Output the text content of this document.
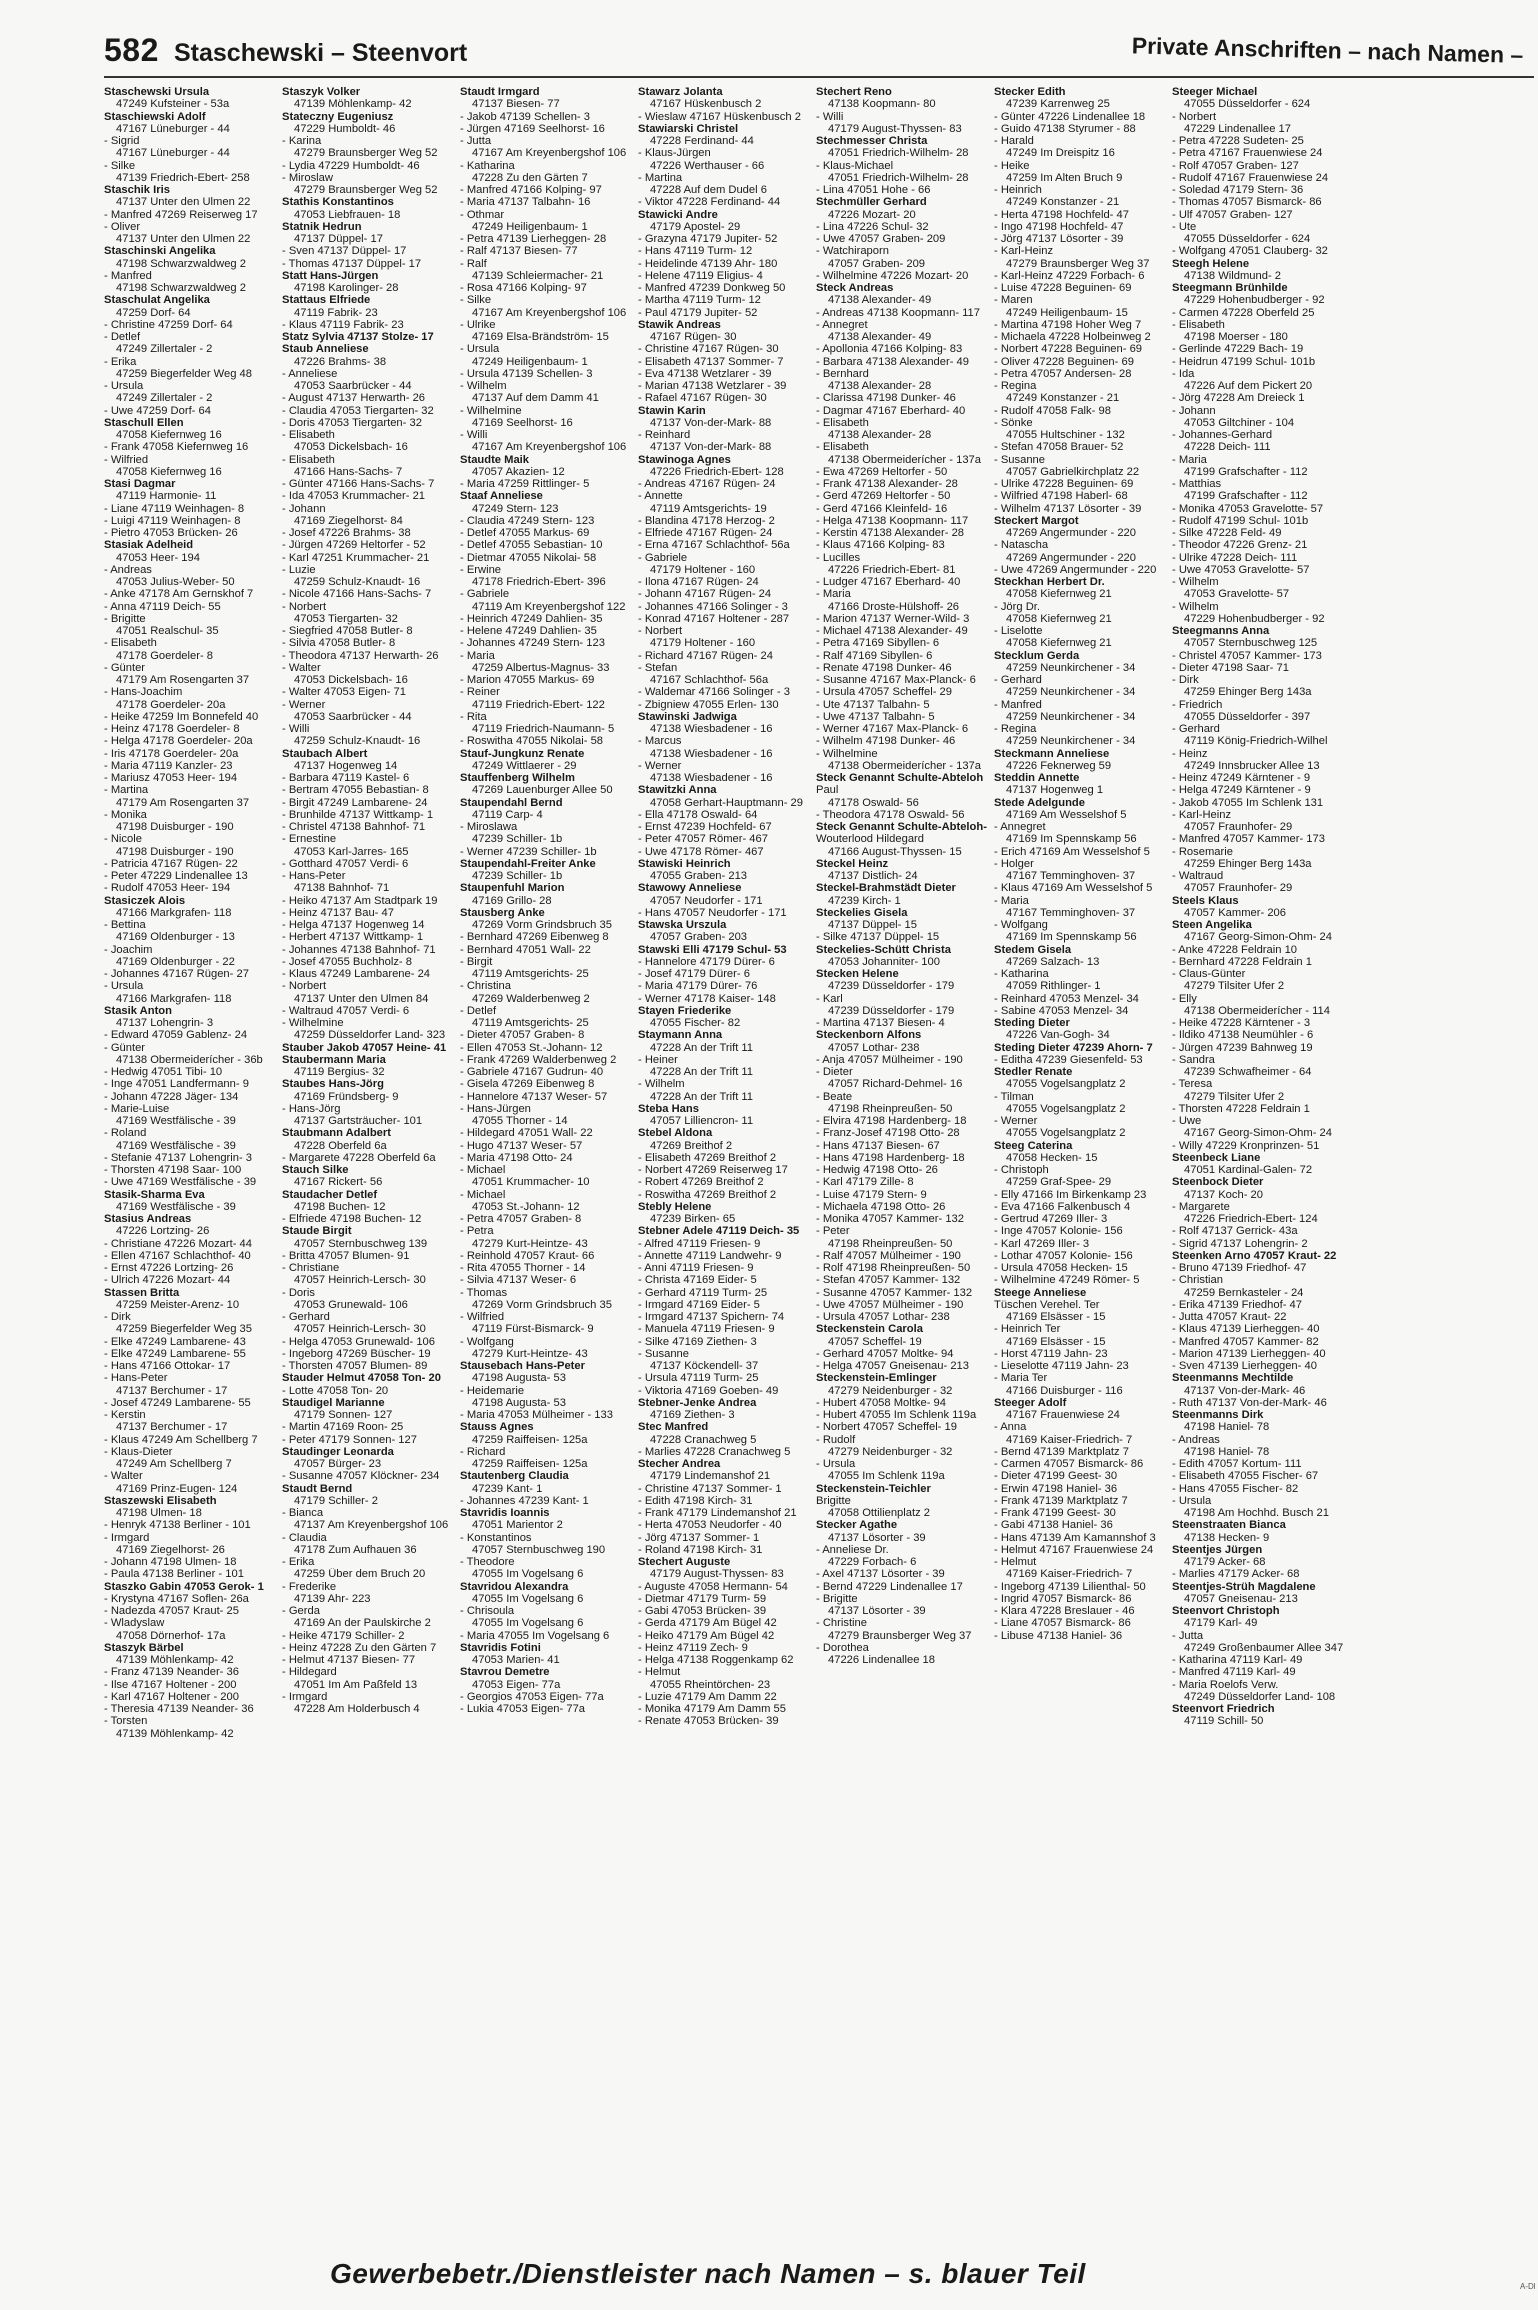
582 Staschewski – Steenvort	Private Anschriften – nach Namen –
Staschewski Ursula
47249 Kufsteiner - 53a
Staschiewski Adolf
47167 Lüneburger - 44
- Sigrid
47167 Lüneburger - 44
- Silke
47139 Friedrich-Ebert- 258
Staschik Iris
47137 Unter den Ulmen 22
- Manfred 47269 Reiserweg 17
- Oliver
47137 Unter den Ulmen 22
Staschinski Angelika
47198 Schwarzwaldweg 2
- Manfred
47198 Schwarzwaldweg 2
Staschulat Angelika
47259 Dorf- 64
- Christine 47259 Dorf- 64
- Detlef
47249 Zillertaler - 2
- Erika
47259 Biegerfelder Weg 48
- Ursula
47249 Zillertaler - 2
- Uwe 47259 Dorf- 64
Staschull Ellen
47058 Kiefernweg 16
- Frank 47058 Kiefernweg 16
- Wilfried
47058 Kiefernweg 16
Stasi Dagmar
47119 Harmonie- 11
- Liane 47119 Weinhagen- 8
- Luigi 47119 Weinhagen- 8
- Pietro 47053 Brücken- 26
Stasiak Adelheid
47053 Heer- 194
- Andreas
47053 Julius-Weber- 50
- Anke 47178 Am Gernskhof 7
- Anna 47119 Deich- 55
- Brigitte
47051 Realschul- 35
- Elisabeth
47178 Goerdeler- 8
- Günter
47179 Am Rosengarten 37
- Hans-Joachim
47178 Goerdeler- 20a
- Heike 47259 Im Bonnefeld 40
- Heinz 47178 Goerdeler- 8
- Helga 47178 Goerdeler- 20a
- Iris 47178 Goerdeler- 20a
- Maria 47119 Kanzler- 23
- Mariusz 47053 Heer- 194
- Martina
47179 Am Rosengarten 37
- Monika
47198 Duisburger - 190
- Nicole
47198 Duisburger - 190
- Patricia 47167 Rügen- 22
- Peter 47229 Lindenallee 13
- Rudolf 47053 Heer- 194
Stasiczek Alois
47166 Markgrafen- 118
- Bettina
47169 Oldenburger - 13
- Joachim
47169 Oldenburger - 22
- Johannes 47167 Rügen- 27
- Ursula
47166 Markgrafen- 118
Stasik Anton
47137 Lohengrin- 3
- Edward 47059 Gablenz- 24
- Günter
47138 Obermeiderícher - 36b
- Hedwig 47051 Tibi- 10
- Inge 47051 Landfermann- 9
- Johann 47228 Jäger- 134
- Marie-Luise
47169 Westfälische - 39
- Roland
47169 Westfälische - 39
- Stefanie 47137 Lohengrin- 3
- Thorsten 47198 Saar- 100
- Uwe 47169 Westfälische - 39
Stasik-Sharma Eva
47169 Westfälische - 39
Stasius Andreas
47226 Lortzing- 26
- Christiane 47226 Mozart- 44
- Ellen 47167 Schlachthof- 40
- Ernst 47226 Lortzing- 26
- Ulrich 47226 Mozart- 44
Stassen Britta
47259 Meister-Arenz- 10
- Dirk
47259 Biegerfelder Weg 35
- Elke 47249 Lambarene- 43
- Elke 47249 Lambarene- 55
- Hans 47166 Ottokar- 17
- Hans-Peter
47137 Berchumer - 17
- Josef 47249 Lambarene- 55
- Kerstin
47137 Berchumer - 17
- Klaus 47249 Am Schellberg 7
- Klaus-Dieter
47249 Am Schellberg 7
- Walter
47169 Prinz-Eugen- 124
Staszewski Elisabeth
47198 Ulmen- 18
- Henryk 47138 Berliner - 101
- Irmgard
47169 Ziegelhorst- 26
- Johann 47198 Ulmen- 18
- Paula 47138 Berliner - 101
Staszko Gabin 47053 Gerok- 1
- Krystyna 47167 Soflen- 26a
- Nadezda 47057 Kraut- 25
- Wladyslaw
47058 Dörnerhof- 17a
Staszyk Bärbel
47139 Möhlenkamp- 42
- Franz 47139 Neander- 36
- Ilse 47167 Holtener - 200
- Karl 47167 Holtener - 200
- Theresia 47139 Neander- 36
- Torsten
47139 Möhlenkamp- 42
Staszyk Volker
47139 Möhlenkamp- 42
Stateczny Eugeniusz
47229 Humboldt- 46
- Karina
47279 Braunsberger Weg 52
- Lydia 47229 Humboldt- 46
- Miroslaw
47279 Braunsberger Weg 52
Stathis Konstantinos
47053 Liebfrauen- 18
Statnik Hedrun
47137 Düppel- 17
- Sven 47137 Düppel- 17
- Thomas 47137 Düppel- 17
Statt Hans-Jürgen
47198 Karolinger- 28
Stattaus Elfriede
47119 Fabrik- 23
- Klaus 47119 Fabrik- 23
Statz Sylvia 47137 Stolze- 17
Staub Anneliese
47226 Brahms- 38
- Anneliese
47053 Saarbrücker - 44
- August 47137 Herwarth- 26
- Claudia 47053 Tiergarten- 32
- Doris 47053 Tiergarten- 32
- Elisabeth
47053 Dickelsbach- 16
- Elisabeth
47166 Hans-Sachs- 7
- Günter 47166 Hans-Sachs- 7
- Ida 47053 Krummacher- 21
- Johann
47169 Ziegelhorst- 84
- Josef 47226 Brahms- 38
- Jürgen 47269 Heltorfer - 52
- Karl 47251 Krummacher- 21
- Luzie
47259 Schulz-Knaudt- 16
- Nicole 47166 Hans-Sachs- 7
- Norbert
47053 Tiergarten- 32
- Siegfried 47058 Butler- 8
- Silvia 47058 Butler- 8
- Theodora 47137 Herwarth- 26
- Walter
47053 Dickelsbach- 16
- Walter 47053 Eigen- 71
- Werner
47053 Saarbrücker - 44
- Willi
47259 Schulz-Knaudt- 16
Staubach Albert
47137 Hogenweg 14
- Barbara 47119 Kastel- 6
- Bertram 47055 Bebastian- 8
- Birgit 47249 Lambarene- 24
- Brunhilde 47137 Wittkamp- 1
- Christel 47138 Bahnhof- 71
- Ernestine
47053 Karl-Jarres- 165
- Gotthard 47057 Verdi- 6
- Hans-Peter
47138 Bahnhof- 71
- Heiko 47137 Am Stadtpark 19
- Heinz 47137 Bau- 47
- Helga 47137 Hogenweg 14
- Herbert 47137 Wittkamp- 1
- Johannes 47138 Bahnhof- 71
- Josef 47055 Buchholz- 8
- Klaus 47249 Lambarene- 24
- Norbert
47137 Unter den Ulmen 84
- Waltraud 47057 Verdi- 6
- Wilhelmine
47259 Düsseldorfer Land- 323
Stauber Jakob 47057 Heine- 41
Staubermann Maria
47119 Bergius- 32
Staubes Hans-Jörg
47169 Fründsberg- 9
- Hans-Jörg
47137 Gartsträucher- 101
Staubmann Adalbert
47228 Oberfeld 6a
- Margarete 47228 Oberfeld 6a
Stauch Silke
47167 Rickert- 56
Staudacher Detlef
47198 Buchen- 12
- Elfriede 47198 Buchen- 12
Staude Birgit
47057 Sternbuschweg 139
- Britta 47057 Blumen- 91
- Christiane
47057 Heinrich-Lersch- 30
- Doris
47053 Grunewald- 106
- Gerhard
47057 Heinrich-Lersch- 30
- Helga 47053 Grunewald- 106
- Ingeborg 47269 Büscher- 19
- Thorsten 47057 Blumen- 89
Stauder Helmut 47058 Ton- 20
- Lotte 47058 Ton- 20
Staudigel Marianne
47179 Sonnen- 127
- Martin 47169 Roon- 25
- Peter 47179 Sonnen- 127
Staudinger Leonarda
47057 Bürger- 23
- Susanne 47057 Klöckner- 234
Staudt Bernd
47179 Schiller- 2
- Bianca
47137 Am Kreyenbergshof 106
- Claudia
47178 Zum Aufhauen 36
- Erika
47259 Über dem Bruch 20
- Frederike
47139 Ahr- 223
- Gerda
47169 An der Paulskirche 2
- Heike 47179 Schiller- 2
- Heinz 47228 Zu den Gärten 7
- Helmut 47137 Biesen- 77
- Hildegard
47051 Im Am Paßfeld 13
- Irmgard
47228 Am Holderbusch 4
Staudt Irmgard
47137 Biesen- 77
- Jakob 47139 Schellen- 3
- Jürgen 47169 Seelhorst- 16
- Jutta
47167 Am Kreyenbergshof 106
- Katharina
47228 Zu den Gärten 7
- Manfred 47166 Kolping- 97
- Maria 47137 Talbahn- 16
- Othmar
47249 Heiligenbaum- 1
- Petra 47139 Lierheggen- 28
- Ralf 47137 Biesen- 77
- Ralf
47139 Schleiermacher- 21
- Rosa 47166 Kolping- 97
- Silke
47167 Am Kreyenbergshof 106
- Ulrike
47169 Elsa-Brändström- 15
- Ursula
47249 Heiligenbaum- 1
- Ursula 47139 Schellen- 3
- Wilhelm
47137 Auf dem Damm 41
- Wilhelmine
47169 Seelhorst- 16
- Willi
47167 Am Kreyenbergshof 106
Staudte Maik
47057 Akazien- 12
- Maria 47259 Rittlinger- 5
Staaf Anneliese
47249 Stern- 123
- Claudia 47249 Stern- 123
- Detlef 47055 Markus- 69
- Detlef 47055 Sebastian- 10
- Dietmar 47055 Nikolai- 58
- Erwine
47178 Friedrich-Ebert- 396
- Gabriele
47119 Am Kreyenbergshof 122
- Heinrich 47249 Dahlien- 35
- Helene 47249 Dahlien- 35
- Johannes 47249 Stern- 123
- Maria
47259 Albertus-Magnus- 33
- Marion 47055 Markus- 69
- Reiner
47119 Friedrich-Ebert- 122
- Rita
47119 Friedrich-Naumann- 5
- Roswitha 47055 Nikolai- 58
Stauf-Jungkunz Renate
47249 Wittlaerer - 29
Stauffenberg Wilhelm
47269 Lauenburger Allee 50
Staupendahl Bernd
47119 Carp- 4
- Miroslawa
47239 Schiller- 1b
- Werner 47239 Schiller- 1b
Staupendahl-Freiter Anke
47239 Schiller- 1b
Staupenfuhl Marion
47169 Grillo- 28
Stausberg Anke
47269 Vorm Grindsbruch 35
- Bernhard 47269 Eibenweg 8
- Bernhard 47051 Wall- 22
- Birgit
47119 Amtsgerichts- 25
- Christina
47269 Walderbenweg 2
- Detlef
47119 Amtsgerichts- 25
- Dieter 47057 Graben- 8
- Ellen 47053 St.-Johann- 12
- Frank 47269 Walderbenweg 2
- Gabriele 47167 Gudrun- 40
- Gisela 47269 Eibenweg 8
- Hannelore 47137 Weser- 57
- Hans-Jürgen
47055 Thorner - 14
- Hildegard 47051 Wall- 22
- Hugo 47137 Weser- 57
- Maria 47198 Otto- 24
- Michael
47051 Krummacher- 10
- Michael
47053 St.-Johann- 12
- Petra 47057 Graben- 8
- Petra
47279 Kurt-Heintze- 43
- Reinhold 47057 Kraut- 66
- Rita 47055 Thorner - 14
- Silvia 47137 Weser- 6
- Thomas
47269 Vorm Grindsbruch 35
- Wilfried
47119 Fürst-Bismarck- 9
- Wolfgang
47279 Kurt-Heintze- 43
Stausebach Hans-Peter
47198 Augusta- 53
- Heidemarie
47198 Augusta- 53
- Maria 47053 Mülheimer - 133
Stauss Agnes
47259 Raiffeisen- 125a
- Richard
47259 Raiffeisen- 125a
Stautenberg Claudia
47239 Kant- 1
- Johannes 47239 Kant- 1
Stavridis Ioannis
47051 Marientor 2
- Konstantinos
47057 Sternbuschweg 190
- Theodore
47055 Im Vogelsang 6
Stavridou Alexandra
47055 Im Vogelsang 6
- Chrisoula
47055 Im Vogelsang 6
- Maria 47055 Im Vogelsang 6
Stavridis Fotini
47053 Marien- 41
Stavrou Demetre
47053 Eigen- 77a
- Georgios 47053 Eigen- 77a
- Lukia 47053 Eigen- 77a
Stawarz Jolanta
47167 Hüskenbusch 2
- Wieslaw 47167 Hüskenbusch 2
Stawiarski Christel
47228 Ferdinand- 44
- Klaus-Jürgen
47226 Werthauser - 66
- Martina
47228 Auf dem Dudel 6
- Viktor 47228 Ferdinand- 44
Stawicki Andre
47179 Apostel- 29
- Grazyna 47179 Jupiter- 52
- Hans 47119 Turm- 12
- Heidelinde 47139 Ahr- 180
- Helene 47119 Eligius- 4
- Manfred 47239 Donkweg 50
- Martha 47119 Turm- 12
- Paul 47179 Jupiter- 52
Stawik Andreas
47167 Rügen- 30
- Christine 47167 Rügen- 30
- Elisabeth 47137 Sommer- 7
- Eva 47138 Wetzlarer - 39
- Marian 47138 Wetzlarer - 39
- Rafael 47167 Rügen- 30
Stawin Karin
47137 Von-der-Mark- 88
- Reinhard
47137 Von-der-Mark- 88
Stawinoga Agnes
47226 Friedrich-Ebert- 128
- Andreas 47167 Rügen- 24
- Annette
47119 Amtsgerichts- 19
- Blandina 47178 Herzog- 2
- Elfriede 47167 Rügen- 24
- Erna 47167 Schlachthof- 56a
- Gabriele
47179 Holtener - 160
- Ilona 47167 Rügen- 24
- Johann 47167 Rügen- 24
- Johannes 47166 Solinger - 3
- Konrad 47167 Holtener - 287
- Norbert
47179 Holtener - 160
- Richard 47167 Rügen- 24
- Stefan
47167 Schlachthof- 56a
- Waldemar 47166 Solinger - 3
- Zbigniew 47055 Erlen- 130
Stawinski Jadwiga
47138 Wiesbadener - 16
- Marcus
47138 Wiesbadener - 16
- Werner
47138 Wiesbadener - 16
Stawitzki Anna
47058 Gerhart-Hauptmann- 29
- Ella 47178 Oswald- 64
- Ernst 47239 Hochfeld- 67
- Peter 47057 Römer- 467
- Uwe 47178 Römer- 467
Stawiski Heinrich
47055 Graben- 213
Stawowy Anneliese
47057 Neudorfer - 171
- Hans 47057 Neudorfer - 171
Stawska Urszula
47057 Graben- 203
Stawski Elli 47179 Schul- 53
- Hannelore 47179 Dürer- 6
- Josef 47179 Dürer- 6
- Maria 47179 Dürer- 76
- Werner 47178 Kaiser- 148
Stayen Friederike
47055 Fischer- 82
Staymann Anna
47228 An der Trift 11
- Heiner
47228 An der Trift 11
- Wilhelm
47228 An der Trift 11
Steba Hans
47057 Lilliencron- 11
Stebel Aldona
47269 Breithof 2
- Elisabeth 47269 Breithof 2
- Norbert 47269 Reiserweg 17
- Robert 47269 Breithof 2
- Roswitha 47269 Breithof 2
Stebly Helene
47239 Birken- 65
Stebner Adele 47119 Deich- 35
- Alfred 47119 Friesen- 9
- Annette 47119 Landwehr- 9
- Anni 47119 Friesen- 9
- Christa 47169 Eider- 5
- Gerhard 47119 Turm- 25
- Irmgard 47169 Eider- 5
- Irmgard 47137 Spichern- 74
- Manuela 47119 Friesen- 9
- Silke 47169 Ziethen- 3
- Susanne
47137 Köckendell- 37
- Ursula 47119 Turm- 25
- Viktoria 47169 Goeben- 49
Stebner-Jenke Andrea
47169 Ziethen- 3
Stec Manfred
47228 Cranachweg 5
- Marlies 47228 Cranachweg 5
Stecher Andrea
47179 Lindemanshof 21
- Christine 47137 Sommer- 1
- Edith 47198 Kirch- 31
- Frank 47179 Lindemanshof 21
- Herta 47053 Neudorfer - 40
- Jörg 47137 Sommer- 1
- Roland 47198 Kirch- 31
Stechert Auguste
47179 August-Thyssen- 83
- Auguste 47058 Hermann- 54
- Dietmar 47179 Turm- 59
- Gabi 47053 Brücken- 39
- Gerda 47179 Am Bügel 42
- Heiko 47179 Am Bügel 42
- Heinz 47119 Zech- 9
- Helga 47138 Roggenkamp 62
- Helmut
47055 Rheintörchen- 23
- Luzie 47179 Am Damm 22
- Monika 47179 Am Damm 55
- Renate 47053 Brücken- 39
Stechert Reno
47138 Koopmann- 80
- Willi
47179 August-Thyssen- 83
Stechmesser Christa
47051 Friedrich-Wilhelm- 28
- Klaus-Michael
47051 Friedrich-Wilhelm- 28
- Lina 47051 Hohe - 66
Stechmüller Gerhard
47226 Mozart- 20
- Lina 47226 Schul- 32
- Uwe 47057 Graben- 209
- Watchiraporn
47057 Graben- 209
- Wilhelmine 47226 Mozart- 20
Steck Andreas
47138 Alexander- 49
- Andreas 47138 Koopmann- 117
- Annegret
47138 Alexander- 49
- Apollonia 47166 Kolping- 83
- Barbara 47138 Alexander- 49
- Bernhard
47138 Alexander- 28
- Clarissa 47198 Dunker- 46
- Dagmar 47167 Eberhard- 40
- Elisabeth
47138 Alexander- 28
- Elisabeth
47138 Obermeiderícher - 137a
- Ewa 47269 Heltorfer - 50
- Frank 47138 Alexander- 28
- Gerd 47269 Heltorfer - 50
- Gerd 47166 Kleinfeld- 16
- Helga 47138 Koopmann- 117
- Kerstin 47138 Alexander- 28
- Klaus 47166 Kolping- 83
- Lucilles
47226 Friedrich-Ebert- 81
- Ludger 47167 Eberhard- 40
- Maria
47166 Droste-Hülshoff- 26
- Marion 47137 Werner-Wild- 3
- Michael 47138 Alexander- 49
- Petra 47169 Sibyllen- 6
- Ralf 47169 Sibyllen- 6
- Renate 47198 Dunker- 46
- Susanne 47167 Max-Planck- 6
- Ursula 47057 Scheffel- 29
- Ute 47137 Talbahn- 5
- Uwe 47137 Talbahn- 5
- Werner 47167 Max-Planck- 6
- Wilhelm 47198 Dunker- 46
- Wilhelmine
47138 Obermeiderícher - 137a
Steck Genannt Schulte-Abteloh
Paul
47178 Oswald- 56
- Theodora 47178 Oswald- 56
Steck Genannt Schulte-Abteloh-
Wouterlood Hildegard
47166 August-Thyssen- 15
Steckel Heinz
47137 Distlich- 24
Steckel-Brahmstädt Dieter
47239 Kirch- 1
Steckelies Gisela
47137 Düppel- 15
- Silke 47137 Düppel- 15
Steckelies-Schütt Christa
47053 Johanniter- 100
Stecken Helene
47239 Düsseldorfer - 179
- Karl
47239 Düsseldorfer - 179
- Martina 47137 Biesen- 4
Steckenborn Alfons
47057 Lothar- 238
- Anja 47057 Mülheimer - 190
- Dieter
47057 Richard-Dehmel- 16
- Beate
47198 Rheinpreußen- 50
- Elvira 47198 Hardenberg- 18
- Franz-Josef 47198 Otto- 28
- Hans 47137 Biesen- 67
- Hans 47198 Hardenberg- 18
- Hedwig 47198 Otto- 26
- Karl 47179 Zille- 8
- Luise 47179 Stern- 9
- Michaela 47198 Otto- 26
- Monika 47057 Kammer- 132
- Peter
47198 Rheinpreußen- 50
- Ralf 47057 Mülheimer - 190
- Rolf 47198 Rheinpreußen- 50
- Stefan 47057 Kammer- 132
- Susanne 47057 Kammer- 132
- Uwe 47057 Mülheimer - 190
- Ursula 47057 Lothar- 238
Steckenstein Carola
47057 Scheffel- 19
- Gerhard 47057 Moltke- 94
- Helga 47057 Gneisenau- 213
Steckenstein-Emlinger
47279 Neidenburger - 32
- Hubert 47058 Moltke- 94
- Hubert 47055 Im Schlenk 119a
- Norbert 47057 Scheffel- 19
- Rudolf
47279 Neidenburger - 32
- Ursula
47055 Im Schlenk 119a
Steckenstein-Teichler
Brigitte
47058 Ottilienplatz 2
Stecker Agathe
47137 Lösorter - 39
- Anneliese Dr.
47229 Forbach- 6
- Axel 47137 Lösorter - 39
- Bernd 47229 Lindenallee 17
- Brigitte
47137 Lösorter - 39
- Christine
47279 Braunsberger Weg 37
- Dorothea
47226 Lindenallee 18
Stecker Edith
47239 Karrenweg 25
- Günter 47226 Lindenallee 18
- Guido 47138 Styrumer - 88
- Harald
47249 Im Dreispitz 16
- Heike
47259 Im Alten Bruch 9
- Heinrich
47249 Konstanzer - 21
- Herta 47198 Hochfeld- 47
- Ingo 47198 Hochfeld- 47
- Jörg 47137 Lösorter - 39
- Karl-Heinz
47279 Braunsberger Weg 37
- Karl-Heinz 47229 Forbach- 6
- Luise 47228 Beguinen- 69
- Maren
47249 Heiligenbaum- 15
- Martina 47198 Hoher Weg 7
- Michaela 47228 Holbeinweg 2
- Norbert 47228 Beguinen- 69
- Oliver 47228 Beguinen- 69
- Petra 47057 Andersen- 28
- Regina
47249 Konstanzer - 21
- Rudolf 47058 Falk- 98
- Sönke
47055 Hultschiner - 132
- Stefan 47058 Brauer- 52
- Susanne
47057 Gabrielkirchplatz 22
- Ulrike 47228 Beguinen- 69
- Wilfried 47198 Haberl- 68
- Wilhelm 47137 Lösorter - 39
Steckert Margot
47269 Angermunder - 220
- Natascha
47269 Angermunder - 220
- Uwe 47269 Angermunder - 220
Steckhan Herbert Dr.
47058 Kiefernweg 21
- Jörg Dr.
47058 Kiefernweg 21
- Liselotte
47058 Kiefernweg 21
Stecklum Gerda
47259 Neunkirchener - 34
- Gerhard
47259 Neunkirchener - 34
- Manfred
47259 Neunkirchener - 34
- Regina
47259 Neunkirchener - 34
Steckmann Anneliese
47226 Feknerweg 59
Steddin Annette
47137 Hogenweg 1
Stede Adelgunde
47169 Am Wesselshof 5
- Annegret
47169 Im Spennskamp 56
- Erich 47169 Am Wesselshof 5
- Holger
47167 Temminghoven- 37
- Klaus 47169 Am Wesselshof 5
- Maria
47167 Temminghoven- 37
- Wolfgang
47169 Im Spennskamp 56
Stedem Gisela
47269 Salzach- 13
- Katharina
47059 Rithlinger- 1
- Reinhard 47053 Menzel- 34
- Sabine 47053 Menzel- 34
Steding Dieter
47226 Van-Gogh- 34
Steding Dieter 47239 Ahorn- 7
- Editha 47239 Giesenfeld- 53
Stedler Renate
47055 Vogelsangplatz 2
- Tilman
47055 Vogelsangplatz 2
- Werner
47055 Vogelsangplatz 2
Steeg Caterina
47058 Hecken- 15
- Christoph
47259 Graf-Spee- 29
- Elly 47166 Im Birkenkamp 23
- Eva 47166 Falkenbusch 4
- Gertrud 47269 Iller- 3
- Inge 47057 Kolonie- 156
- Karl 47269 Iller- 3
- Lothar 47057 Kolonie- 156
- Ursula 47058 Hecken- 15
- Wilhelmine 47249 Römer- 5
Steege Anneliese
Tüschen Verehel. Ter
47169 Elsässer - 15
- Heinrich Ter
47169 Elsässer - 15
- Horst 47119 Jahn- 23
- Lieselotte 47119 Jahn- 23
- Maria Ter
47166 Duisburger - 116
Steeger Adolf
47167 Frauenwiese 24
- Anna
47169 Kaiser-Friedrich- 7
- Bernd 47139 Marktplatz 7
- Carmen 47057 Bismarck- 86
- Dieter 47199 Geest- 30
- Erwin 47198 Haniel- 36
- Frank 47139 Marktplatz 7
- Frank 47199 Geest- 30
- Gabi 47138 Haniel- 36
- Hans 47139 Am Kamannshof 3
- Helmut 47167 Frauenwiese 24
- Helmut
47169 Kaiser-Friedrich- 7
- Ingeborg 47139 Lilienthal- 50
- Ingrid 47057 Bismarck- 86
- Klara 47228 Breslauer - 46
- Liane 47057 Bismarck- 86
- Libuse 47138 Haniel- 36
Steeger Michael
47055 Düsseldorfer - 624
- Norbert
47229 Lindenallee 17
- Petra 47228 Sudeten- 25
- Petra 47167 Frauenwiese 24
- Rolf 47057 Graben- 127
- Rudolf 47167 Frauenwiese 24
- Soledad 47179 Stern- 36
- Thomas 47057 Bismarck- 86
- Ulf 47057 Graben- 127
- Ute
47055 Düsseldorfer - 624
- Wolfgang 47051 Clauberg- 32
Steegh Helene
47138 Wildmund- 2
Steegmann Brünhilde
47229 Hohenbudberger - 92
- Carmen 47228 Oberfeld 25
- Elisabeth
47198 Moerser - 180
- Gerlinde 47229 Bach- 19
- Heidrun 47199 Schul- 101b
- Ida
47226 Auf dem Pickert 20
- Jörg 47228 Am Dreieck 1
- Johann
47053 Giltchiner - 104
- Johannes-Gerhard
47228 Deich- 111
- Maria
47199 Grafschafter - 112
- Matthias
47199 Grafschafter - 112
- Monika 47053 Gravelotte- 57
- Rudolf 47199 Schul- 101b
- Silke 47228 Feld- 49
- Theodor 47226 Grenz- 21
- Ulrike 47228 Deich- 111
- Uwe 47053 Gravelotte- 57
- Wilhelm
47053 Gravelotte- 57
- Wilhelm
47229 Hohenbudberger - 92
Steegmanns Anna
47057 Sternbuschweg 125
- Christel 47057 Kammer- 173
- Dieter 47198 Saar- 71
- Dirk
47259 Ehinger Berg 143a
- Friedrich
47055 Düsseldorfer - 397
- Gerhard
47119 König-Friedrich-Wilhel
- Heinz
47249 Innsbrucker Allee 13
- Heinz 47249 Kärntener - 9
- Helga 47249 Kärntener - 9
- Jakob 47055 Im Schlenk 131
- Karl-Heinz
47057 Fraunhofer- 29
- Manfred 47057 Kammer- 173
- Rosemarie
47259 Ehinger Berg 143a
- Waltraud
47057 Fraunhofer- 29
Steels Klaus
47057 Kammer- 206
Steen Angelika
47167 Georg-Simon-Ohm- 24
- Anke 47228 Feldrain 10
- Bernhard 47228 Feldrain 1
- Claus-Günter
47279 Tilsiter Ufer 2
- Elly
47138 Obermeiderícher - 114
- Heike 47228 Kärntener - 3
- Ildiko 47138 Neumühler - 6
- Jürgen 47239 Bahnweg 19
- Sandra
47239 Schwafheimer - 64
- Teresa
47279 Tilsiter Ufer 2
- Thorsten 47228 Feldrain 1
- Uwe
47167 Georg-Simon-Ohm- 24
- Willy 47229 Kronprinzen- 51
Steenbeck Liane
47051 Kardinal-Galen- 72
Steenbock Dieter
47137 Koch- 20
- Margarete
47226 Friedrich-Ebert- 124
- Rolf 47137 Gerrick- 43a
- Sigrid 47137 Lohengrin- 2
Steenken Arno 47057 Kraut- 22
- Bruno 47139 Friedhof- 47
- Christian
47259 Bernkasteler - 24
- Erika 47139 Friedhof- 47
- Jutta 47057 Kraut- 22
- Klaus 47139 Lierheggen- 40
- Manfred 47057 Kammer- 82
- Marion 47139 Lierheggen- 40
- Sven 47139 Lierheggen- 40
Steenmanns Mechtilde
47137 Von-der-Mark- 46
- Ruth 47137 Von-der-Mark- 46
Steenmanns Dirk
47198 Haniel- 78
- Andreas
47198 Haniel- 78
- Edith 47057 Kortum- 111
- Elisabeth 47055 Fischer- 67
- Hans 47055 Fischer- 82
- Ursula
47198 Am Hochhd. Busch 21
Steenstraaten Bianca
47138 Hecken- 9
Steentjes Jürgen
47179 Acker- 68
- Marlies 47179 Acker- 68
Steentjes-Strüh Magdalene
47057 Gneisenau- 213
Steenvort Christoph
47179 Karl- 49
- Jutta
47249 Großenbaumer Allee 347
- Katharina 47119 Karl- 49
- Manfred 47119 Karl- 49
- Maria Roelofs Verw.
47249 Düsseldorfer Land- 108
Steenvort Friedrich
47119 Schill- 50
Gewerbebetr./Dienstleister nach Namen – s. blauer Teil	A-Dl
